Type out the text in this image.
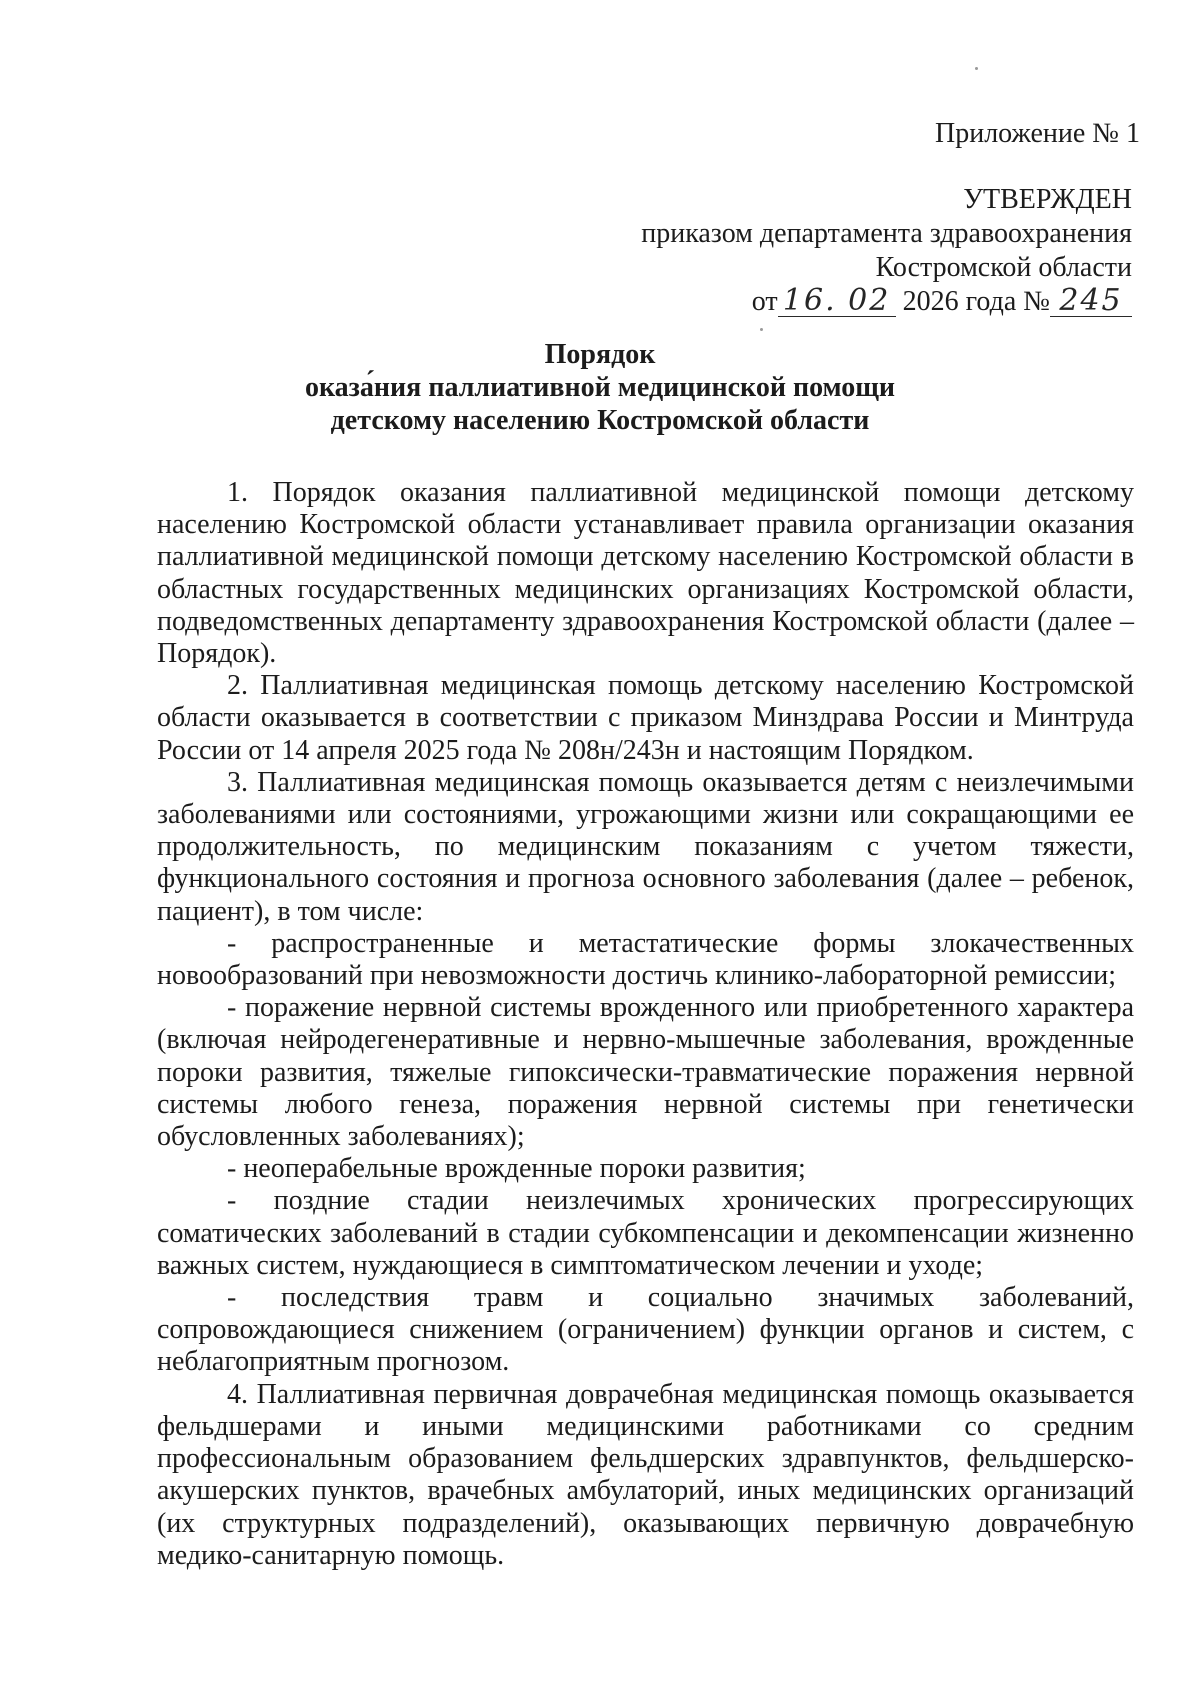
Приложение № 1
УТВЕРЖДЕН
приказом департамента здравоохранения
Костромской области
от 16. 02 2026 года № 245
Порядок
оказа́ния паллиативной медицинской помощи
детскому населению Костромской области

1. Порядок оказания паллиативной медицинской помощи детскому населению Костромской области устанавливает правила организации оказания паллиативной медицинской помощи детскому населению Костромской области в областных государственных медицинских организациях Костромской области, подведомственных департаменту здравоохранения Костромской области (далее – Порядок).

2. Паллиативная медицинская помощь детскому населению Костромской области оказывается в соответствии с приказом Минздрава России и Минтруда России от 14 апреля 2025 года № 208н/243н и настоящим Порядком.

3. Паллиативная медицинская помощь оказывается детям с неизлечимыми заболеваниями или состояниями, угрожающими жизни или сокращающими ее продолжительность, по медицинским показаниям с учетом тяжести, функционального состояния и прогноза основного заболевания (далее – ребенок, пациент), в том числе:

- распространенные и метастатические формы злокачественных новообразований при невозможности достичь клинико-лабораторной ремиссии;

- поражение нервной системы врожденного или приобретенного характера (включая нейродегенеративные и нервно-мышечные заболевания, врожденные пороки развития, тяжелые гипоксически-травматические поражения нервной системы любого генеза, поражения нервной системы при генетически обусловленных заболеваниях);

- неоперабельные врожденные пороки развития;

- поздние стадии неизлечимых хронических прогрессирующих соматических заболеваний в стадии субкомпенсации и декомпенсации жизненно важных систем, нуждающиеся в симптоматическом лечении и уходе;

- последствия травм и социально значимых заболеваний, сопровождающиеся снижением (ограничением) функции органов и систем, с неблагоприятным прогнозом.

4. Паллиативная первичная доврачебная медицинская помощь оказывается фельдшерами и иными медицинскими работниками со средним профессиональным образованием фельдшерских здравпунктов, фельдшерско-акушерских пунктов, врачебных амбулаторий, иных медицинских организаций (их структурных подразделений), оказывающих первичную доврачебную медико-санитарную помощь.
